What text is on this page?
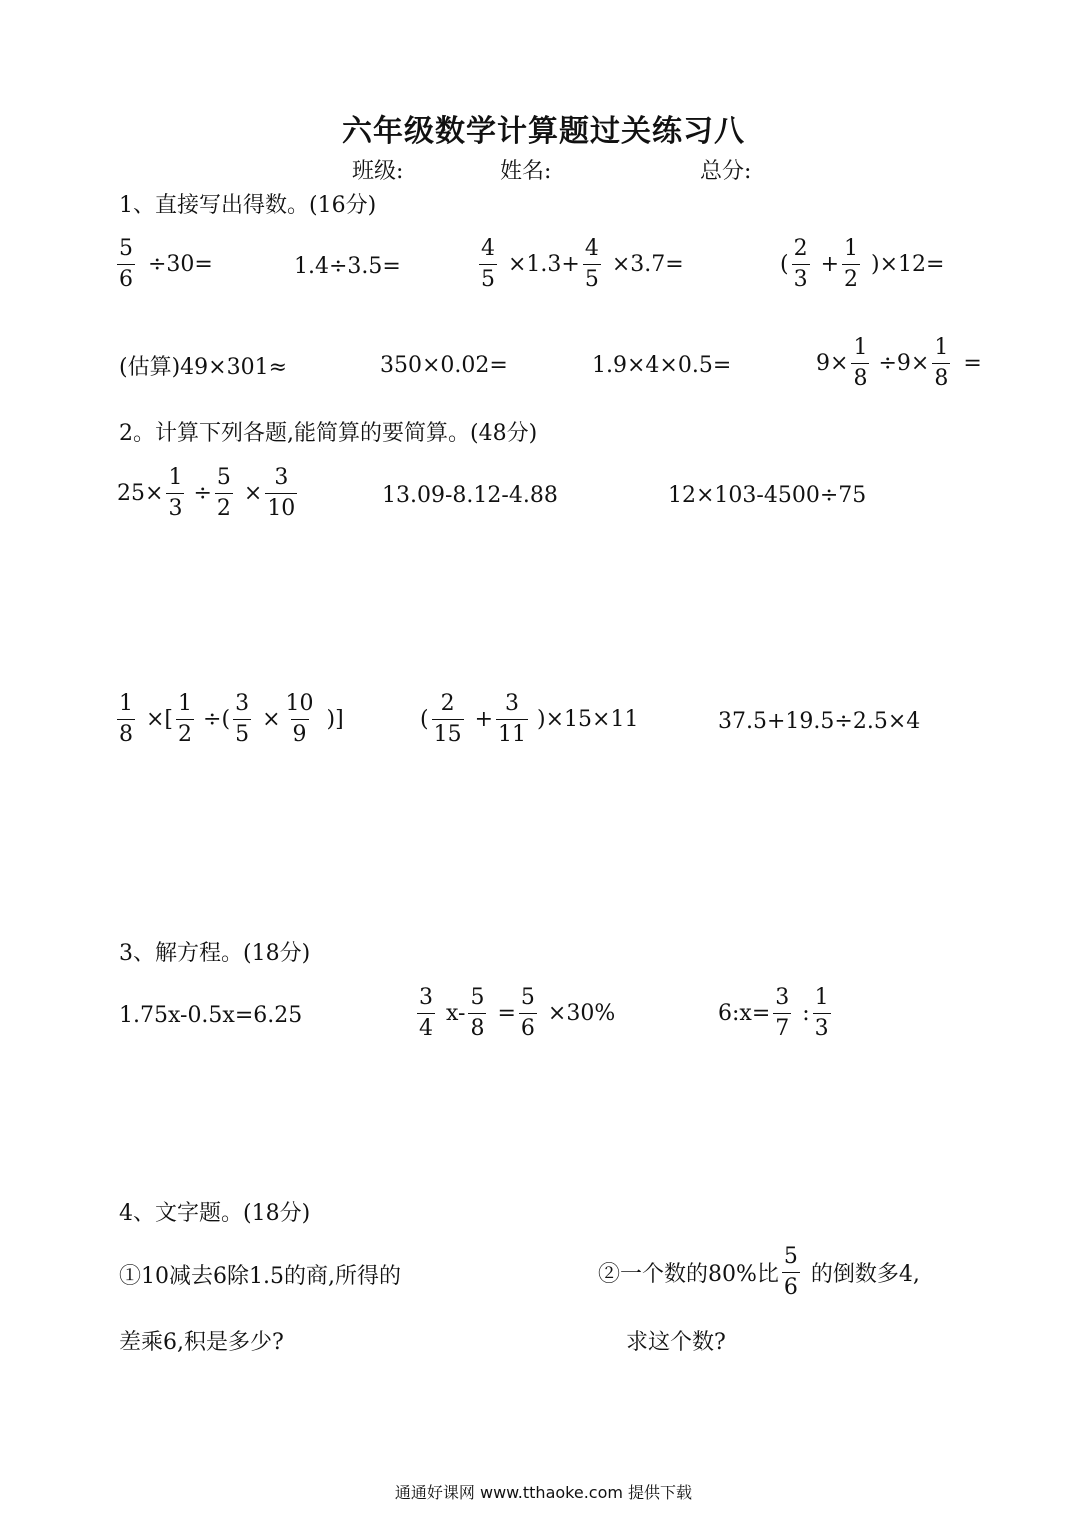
六年级数学计算题过关练习八
班级:	姓名:	总分:
1、直接写出得数。(16分)
$\frac{5}{6} \div 30=$	1.4÷3.5=	$\frac{4}{5} \times 1.3+ \frac{4}{5} \times 3.7=$	( $\frac{2}{3} + \frac{1}{2} )\times 12=$
(估算)49×301≈	350×0.02=	1.9×4×0.5=	$9\times \frac{1}{8} \div 9\times \frac{1}{8}$ =
2。计算下列各题,能简算的要简算。(48分)
$25\times \frac{1}{3} \div \frac{5}{2} \times \frac{3}{10}$	13.09-8.12-4.88	12×103-4500÷75
$\frac{1}{8}$ ×[ $\frac{1}{2}$ ÷( $\frac{3}{5} \times \frac{10}{9}$ )]	( $\frac{2}{15} + \frac{3}{11} )\times 15\times 11$	37.5+19.5÷2.5×4
3、解方程。(18分)
1.75x-0.5x=6.25	$\frac{3}{4} x- \frac{5}{8} = \frac{5}{6} \times 30\%$	6:x= $\frac{3}{7}$ : $\frac{1}{3}$
4、文字题。(18分)
①10减去6除1.5的商,所得的
差乘6,积是多少?
②一个数的80%比 $\frac{5}{6}$ 的倒数多4,
求这个数?
通通好课网 www.tthaoke.com 提供下载
